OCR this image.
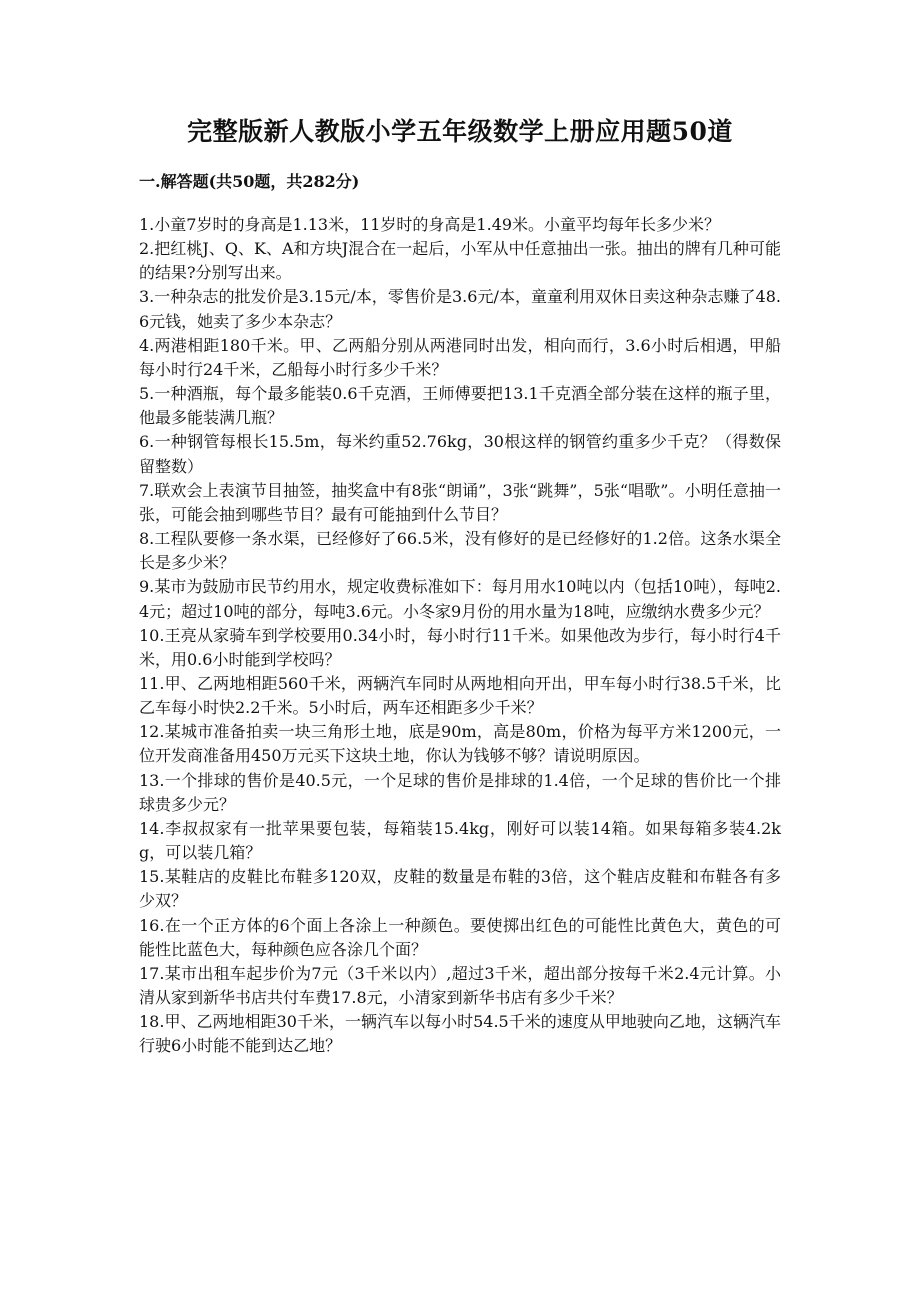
完整版新人教版小学五年级数学上册应用题50道
一.解答题(共50题，共282分)
1.小童7岁时的身高是1.13米，11岁时的身高是1.49米。小童平均每年长多少米？
2.把红桃J、Q、K、A和方块J混合在一起后，小军从中任意抽出一张。抽出的牌有几种可能的结果?分别写出来。
3.一种杂志的批发价是3.15元/本，零售价是3.6元/本，童童利用双休日卖这种杂志赚了48.6元钱，她卖了多少本杂志？
4.两港相距180千米。甲、乙两船分别从两港同时出发，相向而行，3.6小时后相遇，甲船每小时行24千米，乙船每小时行多少千米？
5.一种酒瓶，每个最多能装0.6千克酒，王师傅要把13.1千克酒全部分装在这样的瓶子里，他最多能装满几瓶？
6.一种钢管每根长15.5m，每米约重52.76kg，30根这样的钢管约重多少千克？（得数保留整数）
7.联欢会上表演节目抽签，抽奖盒中有8张“朗诵”，3张“跳舞”，5张“唱歌”。小明任意抽一张，可能会抽到哪些节目？最有可能抽到什么节目？
8.工程队要修一条水渠，已经修好了66.5米，没有修好的是已经修好的1.2倍。这条水渠全长是多少米？
9.某市为鼓励市民节约用水，规定收费标准如下：每月用水10吨以内（包括10吨），每吨2.4元；超过10吨的部分，每吨3.6元。小冬家9月份的用水量为18吨，应缴纳水费多少元？
10.王亮从家骑车到学校要用0.34小时，每小时行11千米。如果他改为步行，每小时行4千米，用0.6小时能到学校吗？
11.甲、乙两地相距560千米，两辆汽车同时从两地相向开出，甲车每小时行38.5千米，比乙车每小时快2.2千米。5小时后，两车还相距多少千米？
12.某城市准备拍卖一块三角形土地，底是90m，高是80m，价格为每平方米1200元，一位开发商准备用450万元买下这块土地，你认为钱够不够？请说明原因。
13.一个排球的售价是40.5元，一个足球的售价是排球的1.4倍，一个足球的售价比一个排球贵多少元？
14.李叔叔家有一批苹果要包装，每箱装15.4kg，刚好可以装14箱。如果每箱多装4.2kg，可以装几箱？
15.某鞋店的皮鞋比布鞋多120双，皮鞋的数量是布鞋的3倍，这个鞋店皮鞋和布鞋各有多少双？
16.在一个正方体的6个面上各涂上一种颜色。要使掷出红色的可能性比黄色大，黄色的可能性比蓝色大，每种颜色应各涂几个面？
17.某市出租车起步价为7元（3千米以内）,超过3千米，超出部分按每千米2.4元计算。小清从家到新华书店共付车费17.8元，小清家到新华书店有多少千米？
18.甲、乙两地相距30千米，一辆汽车以每小时54.5千米的速度从甲地驶向乙地，这辆汽车行驶6小时能不能到达乙地？
